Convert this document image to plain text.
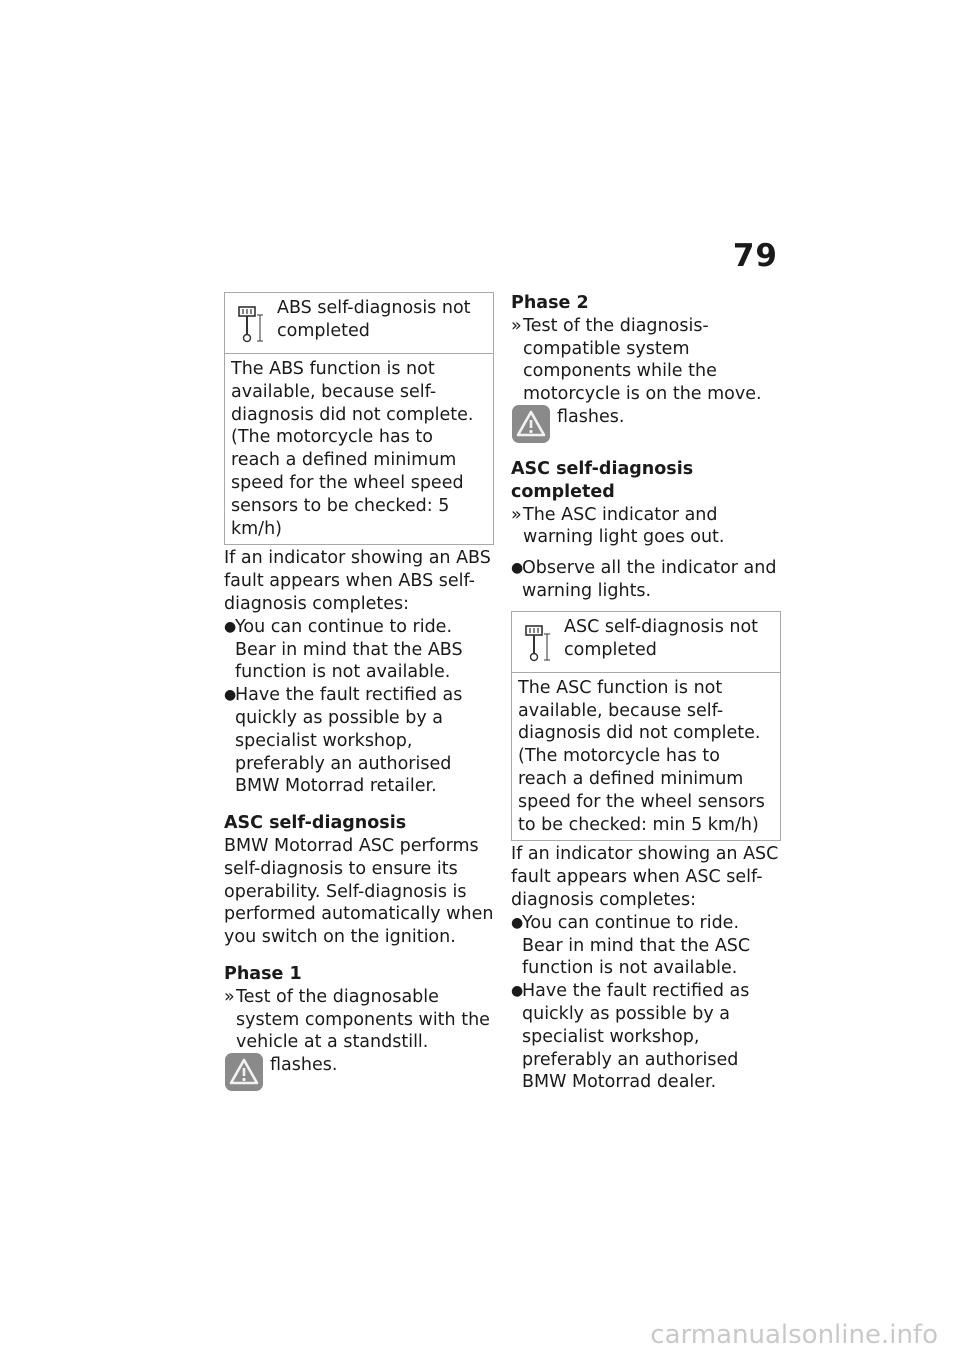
79
ABS self-diagnosis not completed
The ABS function is not available, because self-diagnosis did not complete. (The motorcycle has to reach a defined minimum speed for the wheel speed sensors to be checked: 5 km/h)

If an indicator showing an ABS fault appears when ABS self-diagnosis completes:

●
You can continue to ride. Bear in mind that the ABS function is not available.
●
Have the fault rectified as quickly as possible by a specialist workshop, preferably an authorised BMW Motorrad retailer.

ASC self-diagnosis

BMW Motorrad ASC performs self-diagnosis to ensure its operability. Self-diagnosis is performed automatically when you switch on the ignition.

Phase 1

» Test of the diagnosable system components with the vehicle at a standstill.
flashes.

Phase 2

» Test of the diagnosis-compatible system components while the motorcycle is on the move.
flashes.

ASC self-diagnosis completed

» The ASC indicator and warning light goes out.
●
Observe all the indicator and warning lights.
ASC self-diagnosis not completed
The ASC function is not available, because self-diagnosis did not complete. (The motorcycle has to reach a defined minimum speed for the wheel sensors to be checked: min 5 km/h)

If an indicator showing an ASC fault appears when ASC self-diagnosis completes:

●
You can continue to ride. Bear in mind that the ASC function is not available.
●
Have the fault rectified as quickly as possible by a specialist workshop, preferably an authorised BMW Motorrad dealer.
carmanualsonline.info
